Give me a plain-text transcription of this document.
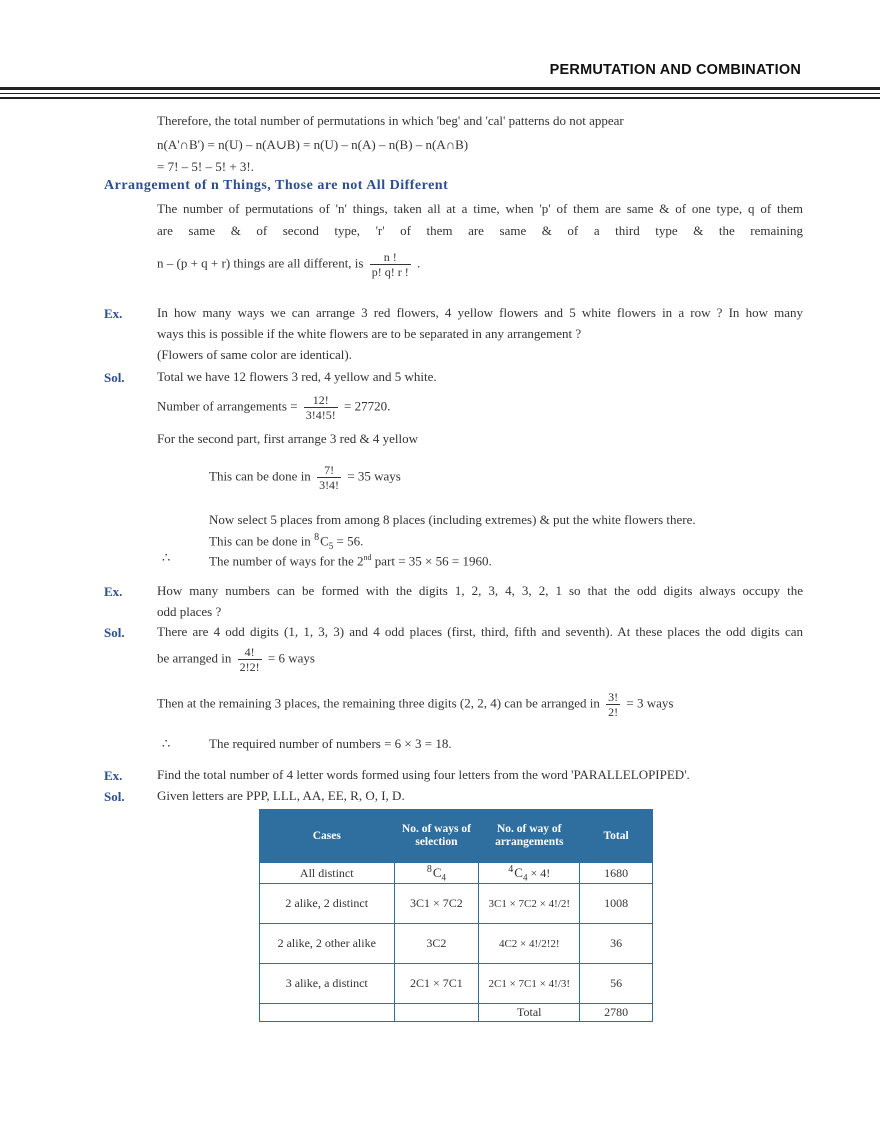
PERMUTATION AND COMBINATION
Therefore, the total number of permutations in which 'beg' and 'cal' patterns do not appear
n(A'∩B') = n(U) – n(A∪B) = n(U) – n(A) – n(B) – n(A∩B)
= 7! – 5! – 5! + 3!.
Arrangement of n Things, Those are not All Different
The number of permutations of 'n' things, taken all at a time, when 'p' of them are same & of one type, q of them
are same & of second type, 'r' of them are same & of a third type & the remaining
n – (p + q + r) things are all different, is $\frac{n !}{p! q! r !}$ .
Ex.	In how many ways we can arrange 3 red flowers, 4 yellow flowers and 5 white flowers in a row ? In how many
ways this is possible if the white flowers are to be separated in any arrangement ?
(Flowers of same color are identical).
Sol. Total we have 12 flowers 3 red, 4 yellow and 5 white.
Number of arrangements = $\frac{12!}{3!4!5!} = 27720$.
For the second part, first arrange 3 red & 4 yellow
This can be done in $\frac{7!}{3!4!} = 35$ ways
Now select 5 places from among 8 places (including extremes) & put the white flowers there.
This can be done in $^8C_5 = 56$.
∴	The number of ways for the 2nd part = 35 × 56 = 1960.
Ex.	How many numbers can be formed with the digits 1, 2, 3, 4, 3, 2, 1 so that the odd digits always occupy the
odd places ?
Sol. There are 4 odd digits (1, 1, 3, 3) and 4 odd places (first, third, fifth and seventh). At these places the odd digits can
be arranged in $\frac{4!}{2!2!} = 6$ ways
Then at the remaining 3 places, the remaining three digits (2, 2, 4) can be arranged in $\frac{3!}{2!} = 3$ ways
∴	The required number of numbers = 6 × 3 = 18.
Ex.	Find the total number of 4 letter words formed using four letters from the word 'PARALLELOPIPED'.
Sol. Given letters are PPP, LLL, AA, EE, R, O, I, D.
Cases	No. of ways of selection	No. of way of arrangements	Total
All distinct	$^8C_4$	$^4C_4 \times 4$!	1680
2 alike, 2 distinct	3C1 × 7C2	3C1 × 7C2 × 4!/2!	1008
2 alike, 2 other alike	3C2	4C2 × 4!/2!2!	36
3 alike, a distinct	2C1 × 7C1	2C1 × 7C1 × 4!/3!	56
		Total	2780
